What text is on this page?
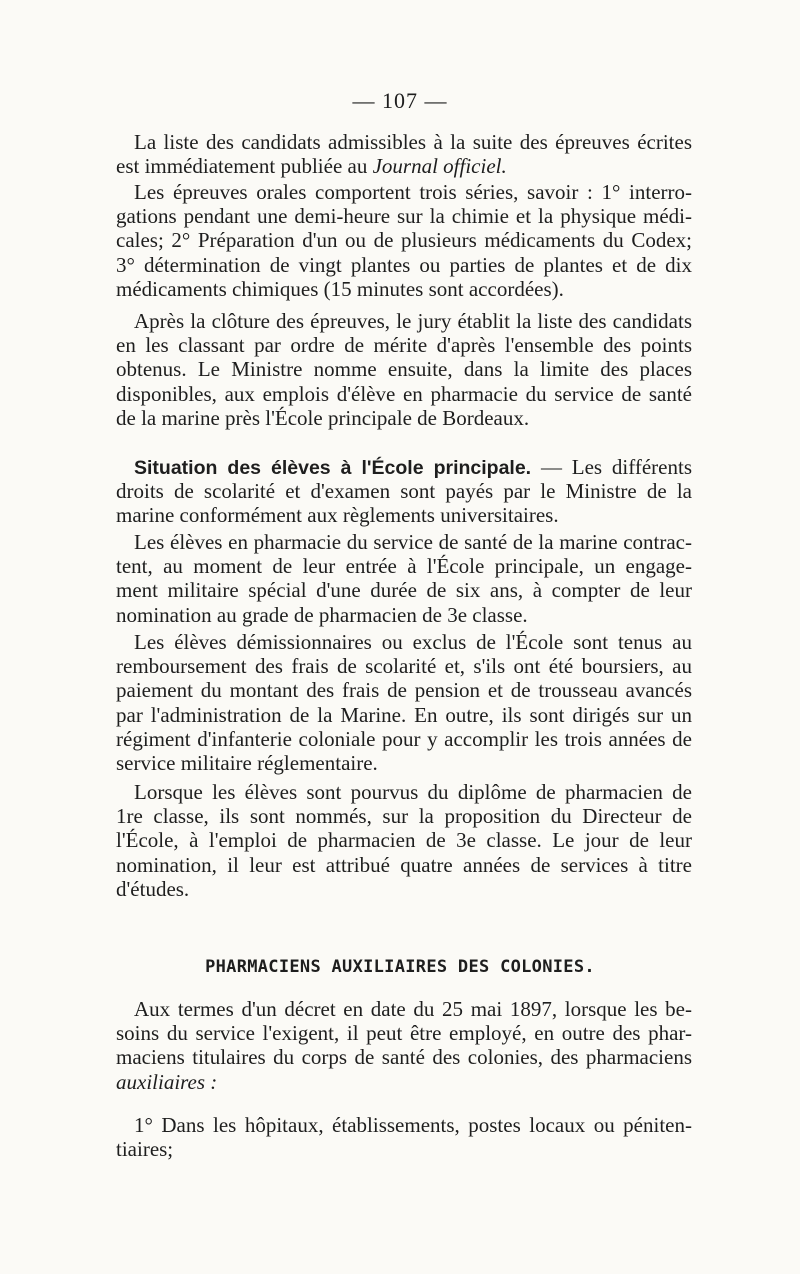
— 107 —
La liste des candidats admissibles à la suite des épreuves écrites
est immédiatement publiée au Journal officiel.
Les épreuves orales comportent trois séries, savoir : 1° interro-
gations pendant une demi-heure sur la chimie et la physique médi-
cales; 2° Préparation d'un ou de plusieurs médicaments du Codex;
3° détermination de vingt plantes ou parties de plantes et de dix
médicaments chimiques (15 minutes sont accordées).
Après la clôture des épreuves, le jury établit la liste des candidats
en les classant par ordre de mérite d'après l'ensemble des points
obtenus. Le Ministre nomme ensuite, dans la limite des places
disponibles, aux emplois d'élève en pharmacie du service de santé
de la marine près l'École principale de Bordeaux.
Situation des élèves à l'École principale. — Les différents
droits de scolarité et d'examen sont payés par le Ministre de la
marine conformément aux règlements universitaires.
Les élèves en pharmacie du service de santé de la marine contrac-
tent, au moment de leur entrée à l'École principale, un engage-
ment militaire spécial d'une durée de six ans, à compter de leur
nomination au grade de pharmacien de 3e classe.
Les élèves démissionnaires ou exclus de l'École sont tenus au
remboursement des frais de scolarité et, s'ils ont été boursiers, au
paiement du montant des frais de pension et de trousseau avancés
par l'administration de la Marine. En outre, ils sont dirigés sur un
régiment d'infanterie coloniale pour y accomplir les trois années de
service militaire réglementaire.
Lorsque les élèves sont pourvus du diplôme de pharmacien de
1re classe, ils sont nommés, sur la proposition du Directeur de
l'École, à l'emploi de pharmacien de 3e classe. Le jour de leur
nomination, il leur est attribué quatre années de services à titre
d'études.
PHARMACIENS AUXILIAIRES DES COLONIES.
Aux termes d'un décret en date du 25 mai 1897, lorsque les be-
soins du service l'exigent, il peut être employé, en outre des phar-
maciens titulaires du corps de santé des colonies, des pharmaciens
auxiliaires :
1° Dans les hôpitaux, établissements, postes locaux ou péniten-
tiaires;
